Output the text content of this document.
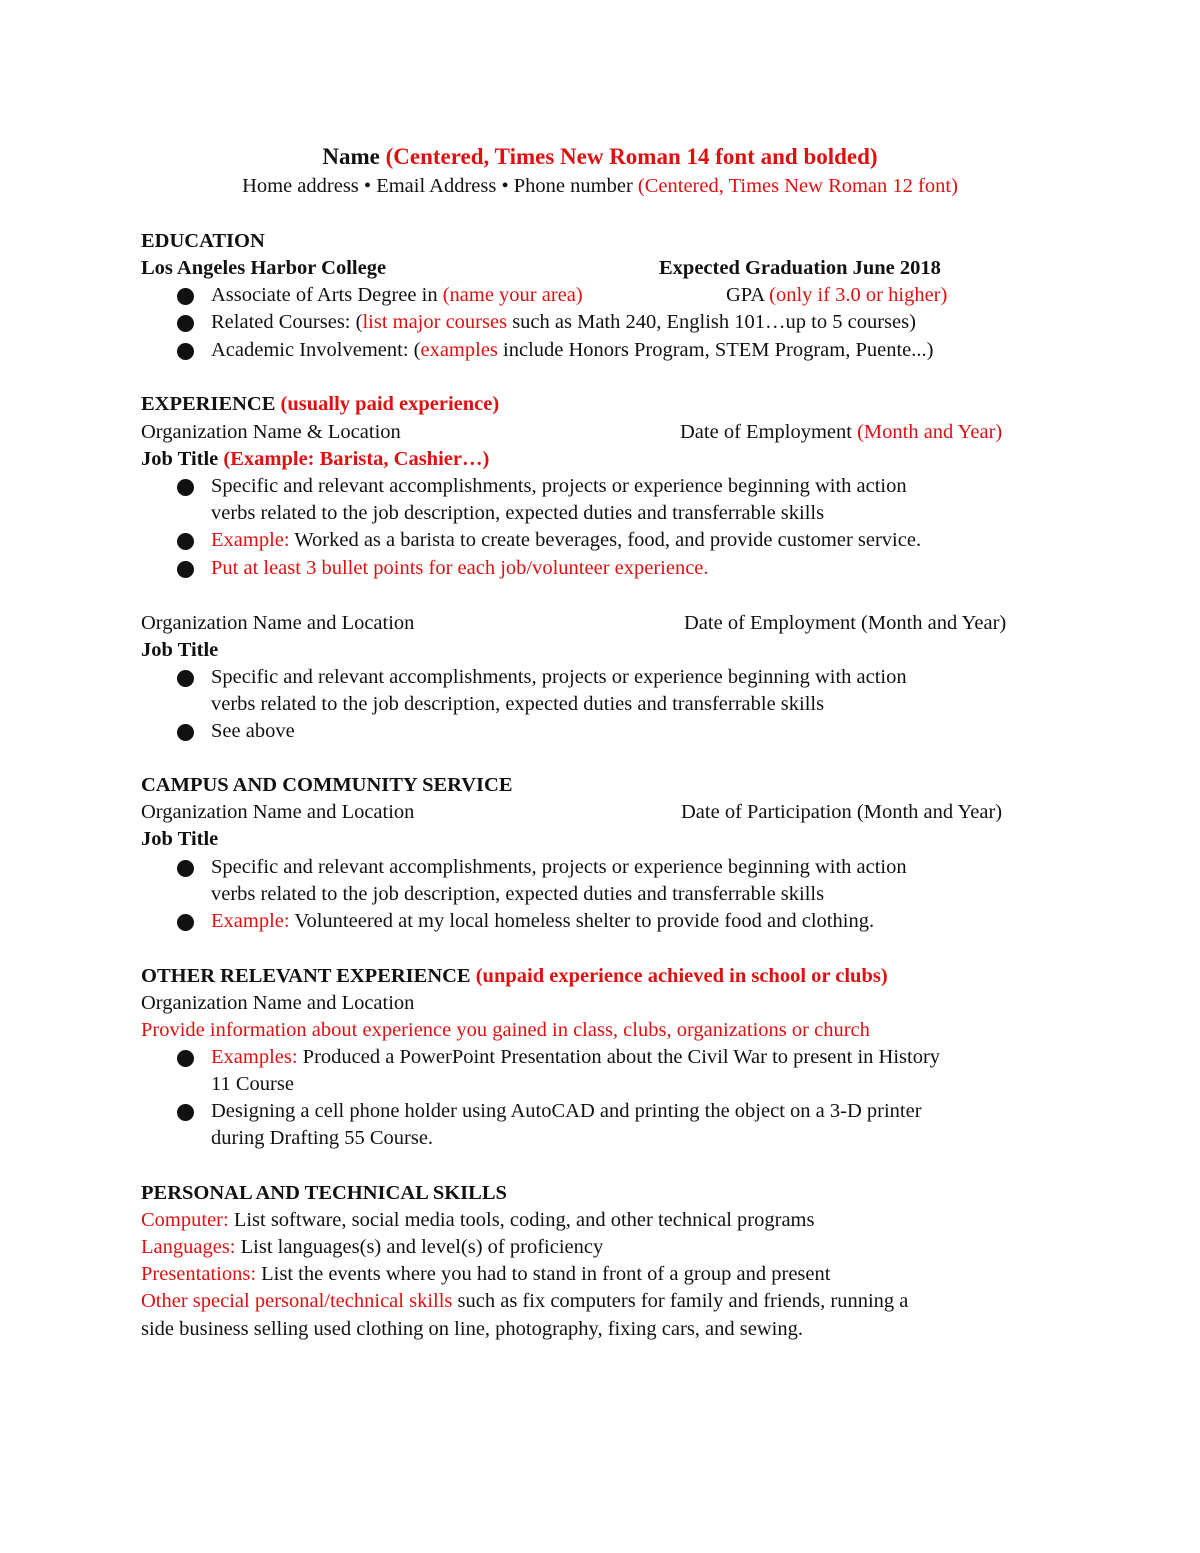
Name (Centered, Times New Roman 14 font and bolded)
Home address • Email Address • Phone number (Centered, Times New Roman 12 font)
EDUCATION
Los Angeles Harbor College	Expected Graduation June 2018
Associate of Arts Degree in (name your area)	GPA (only if 3.0 or higher)
Related Courses: (list major courses such as Math 240, English 101…up to 5 courses)
Academic Involvement: (examples include Honors Program, STEM Program, Puente...)
EXPERIENCE (usually paid experience)
Organization Name & Location	Date of Employment (Month and Year)
Job Title (Example: Barista, Cashier…)
Specific and relevant accomplishments, projects or experience beginning with action
verbs related to the job description, expected duties and transferrable skills
Example: Worked as a barista to create beverages, food, and provide customer service.
Put at least 3 bullet points for each job/volunteer experience.
Organization Name and Location	Date of Employment (Month and Year)
Job Title
Specific and relevant accomplishments, projects or experience beginning with action
verbs related to the job description, expected duties and transferrable skills
See above
CAMPUS AND COMMUNITY SERVICE
Organization Name and Location	Date of Participation (Month and Year)
Job Title
Specific and relevant accomplishments, projects or experience beginning with action
verbs related to the job description, expected duties and transferrable skills
Example: Volunteered at my local homeless shelter to provide food and clothing.
OTHER RELEVANT EXPERIENCE (unpaid experience achieved in school or clubs)
Organization Name and Location
Provide information about experience you gained in class, clubs, organizations or church
Examples: Produced a PowerPoint Presentation about the Civil War to present in History
11 Course
Designing a cell phone holder using AutoCAD and printing the object on a 3-D printer
during Drafting 55 Course.
PERSONAL AND TECHNICAL SKILLS
Computer: List software, social media tools, coding, and other technical programs
Languages: List languages(s) and level(s) of proficiency
Presentations: List the events where you had to stand in front of a group and present
Other special personal/technical skills such as fix computers for family and friends, running a
side business selling used clothing on line, photography, fixing cars, and sewing.
